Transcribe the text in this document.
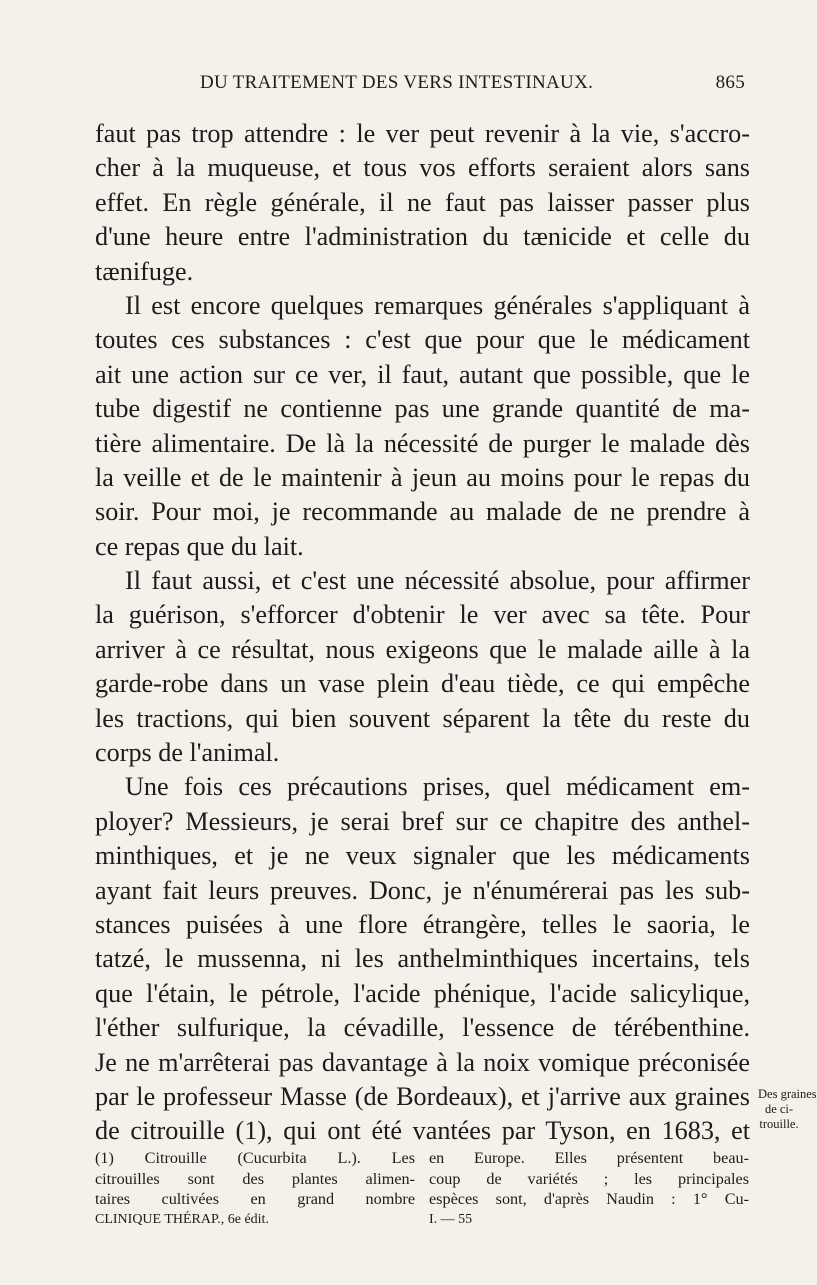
DU TRAITEMENT DES VERS INTESTINAUX.	865
faut pas trop attendre : le ver peut revenir à la vie, s'accro-
cher à la muqueuse, et tous vos efforts seraient alors sans
effet. En règle générale, il ne faut pas laisser passer plus
d'une heure entre l'administration du tænicide et celle du
tænifuge.
Il est encore quelques remarques générales s'appliquant à
toutes ces substances : c'est que pour que le médicament
ait une action sur ce ver, il faut, autant que possible, que le
tube digestif ne contienne pas une grande quantité de ma-
tière alimentaire. De là la nécessité de purger le malade dès
la veille et de le maintenir à jeun au moins pour le repas du
soir. Pour moi, je recommande au malade de ne prendre à
ce repas que du lait.
Il faut aussi, et c'est une nécessité absolue, pour affirmer
la guérison, s'efforcer d'obtenir le ver avec sa tête. Pour
arriver à ce résultat, nous exigeons que le malade aille à la
garde-robe dans un vase plein d'eau tiède, ce qui empêche
les tractions, qui bien souvent séparent la tête du reste du
corps de l'animal.
Une fois ces précautions prises, quel médicament em-
ployer? Messieurs, je serai bref sur ce chapitre des anthel-
minthiques, et je ne veux signaler que les médicaments
ayant fait leurs preuves. Donc, je n'énumérerai pas les sub-
stances puisées à une flore étrangère, telles le saoria, le
tatzé, le mussenna, ni les anthelminthiques incertains, tels
que l'étain, le pétrole, l'acide phénique, l'acide salicylique,
l'éther sulfurique, la cévadille, l'essence de térébenthine.
Je ne m'arrêterai pas davantage à la noix vomique préconisée
par le professeur Masse (de Bordeaux), et j'arrive aux graines
de citrouille (1), qui ont été vantées par Tyson, en 1683, et
Des graines
de ci-
trouille.
(1) Citrouille (Cucurbita L.). Les
citrouilles sont des plantes alimen-
taires cultivées en grand nombre
CLINIQUE THÉRAP., 6e édit.
en Europe. Elles présentent beau-
coup de variétés ; les principales
espèces sont, d'après Naudin : 1° Cu-
I. — 55
